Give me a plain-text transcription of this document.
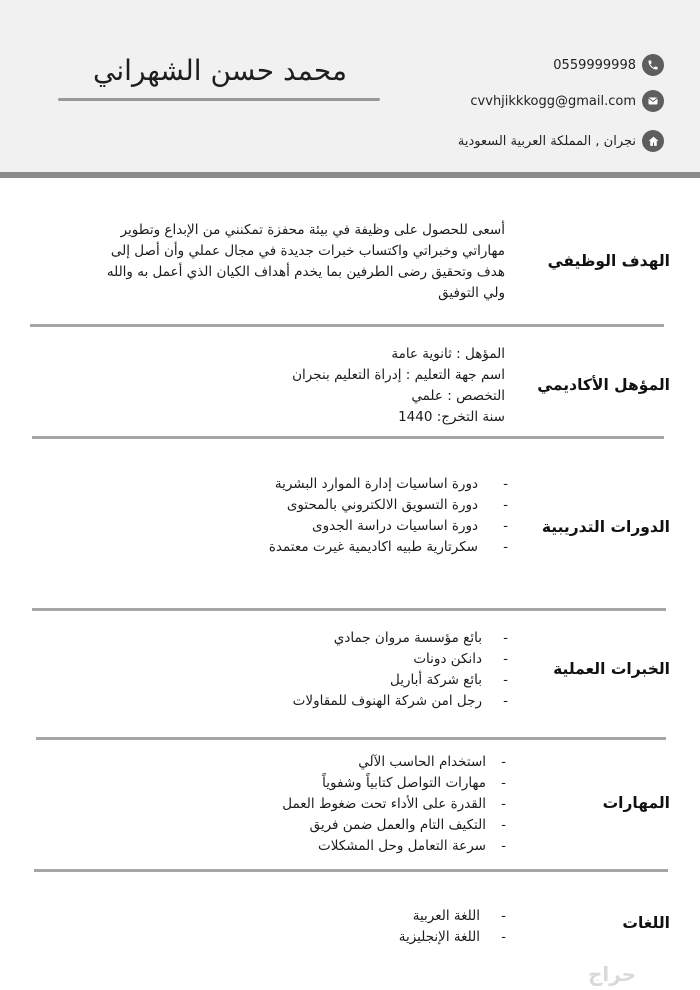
محمد حسن الشهراني	0559999998
cvvhjikkkogg@gmail.com
نجران , المملكة العربية السعودية
الهدف الوظيفي
أسعى للحصول على وظيفة في بيئة محفزة تمكنني من الإبداع وتطوير مهاراتي وخبراتي واكتساب خبرات جديدة في مجال عملي وأن أصل إلى هدف وتحقيق رضى الطرفين بما يخدم أهداف الكيان الذي أعمل به والله ولي التوفيق
المؤهل الأكاديمي
المؤهل : ثانوية عامة
اسم جهة التعليم : إدراة التعليم بنجران
التخصص : علمي
سنة التخرج: 1440
الدورات التدريبية
-
دورة اساسيات إدارة الموارد البشرية
-
دورة التسويق الالكتروني بالمحتوى
-
دورة اساسيات دراسة الجدوى
-
سكرتارية طبيه اكاديمية غيرت معتمدة
الخبرات العملية
-
بائع مؤسسة مروان جمادي
-
دانكن دونات
-
بائع شركة أباريل
-
رجل امن شركة الهنوف للمقاولات
المهارات
-
استخدام الحاسب الآلي
-
مهارات التواصل كتابياً وشفوياً
-
القدرة على الأداء تحت ضغوط العمل
-
التكيف التام والعمل ضمن فريق
-
سرعة التعامل وحل المشكلات
اللغات
-
اللغة العربية
-
اللغة الإنجليزية
حراج
